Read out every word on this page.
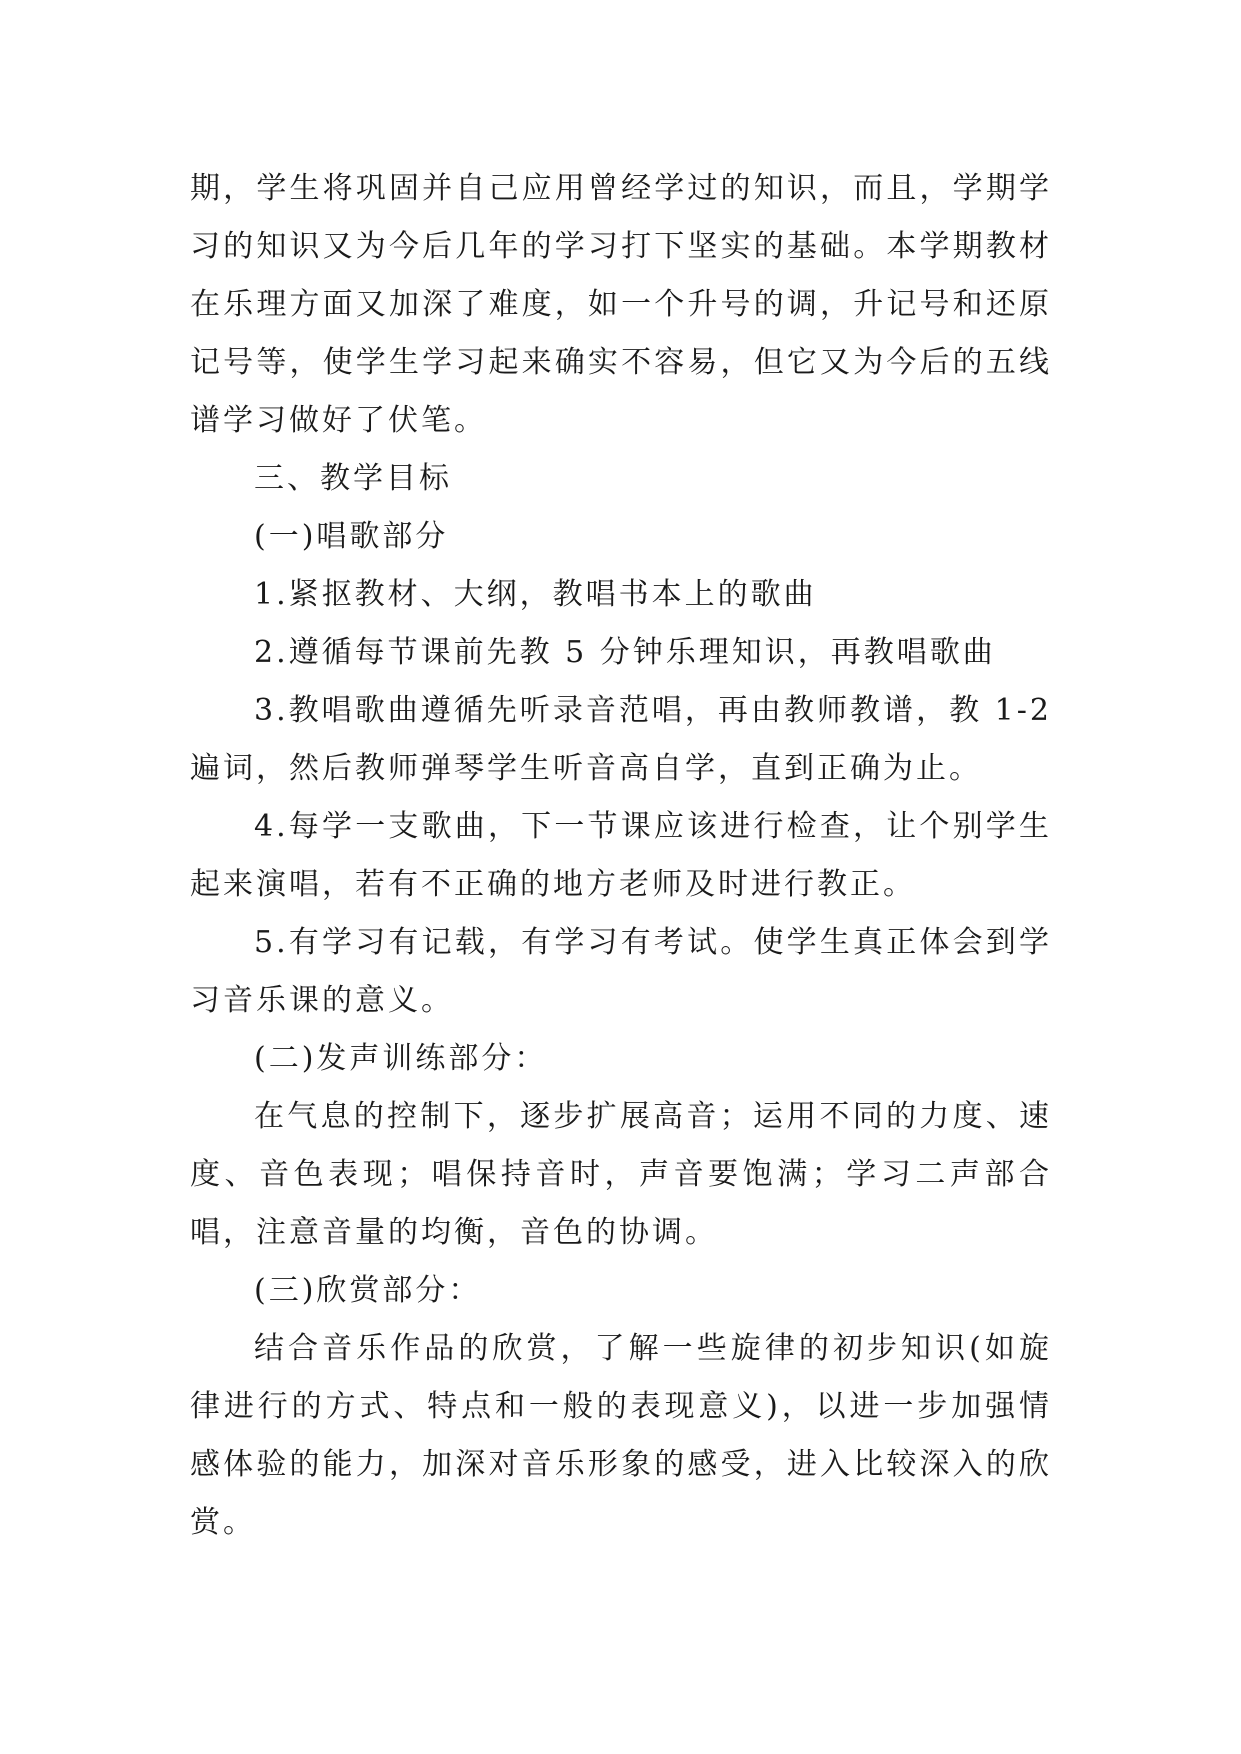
期，学生将巩固并自己应用曾经学过的知识，而且，学期学习的知识又为今后几年的学习打下坚实的基础。本学期教材在乐理方面又加深了难度，如一个升号的调，升记号和还原记号等，使学生学习起来确实不容易，但它又为今后的五线谱学习做好了伏笔。

三、教学目标

(一)唱歌部分

1.紧抠教材、大纲，教唱书本上的歌曲

2.遵循每节课前先教 5 分钟乐理知识，再教唱歌曲

3.教唱歌曲遵循先听录音范唱，再由教师教谱，教 1-2 遍词，然后教师弹琴学生听音高自学，直到正确为止。

4.每学一支歌曲，下一节课应该进行检查，让个别学生起来演唱，若有不正确的地方老师及时进行教正。

5.有学习有记载，有学习有考试。使学生真正体会到学习音乐课的意义。

(二)发声训练部分：

在气息的控制下，逐步扩展高音；运用不同的力度、速度、音色表现；唱保持音时，声音要饱满；学习二声部合唱，注意音量的均衡，音色的协调。

(三)欣赏部分：

结合音乐作品的欣赏，了解一些旋律的初步知识(如旋律进行的方式、特点和一般的表现意义)，以进一步加强情感体验的能力，加深对音乐形象的感受，进入比较深入的欣赏。
